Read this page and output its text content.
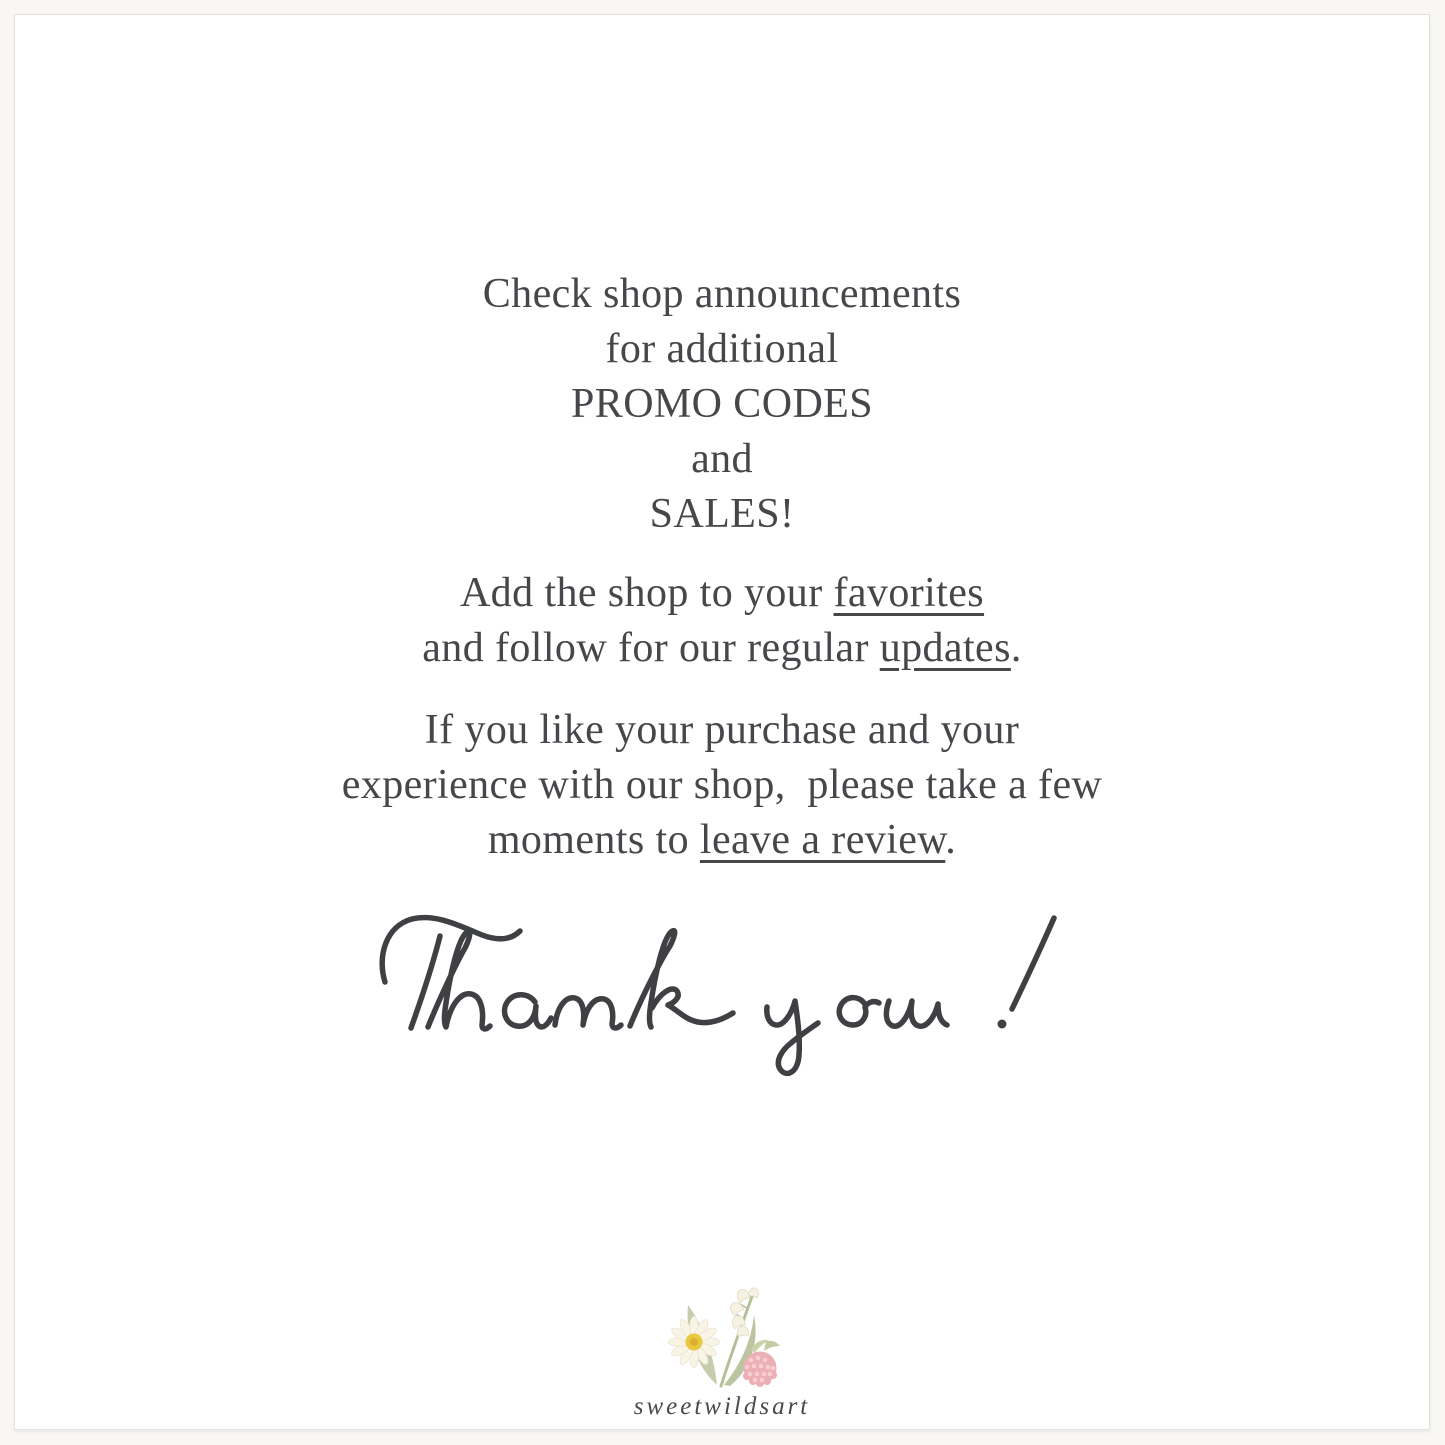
Check shop announcements
for additional
PROMO CODES
and
SALES!
Add the shop to your favorites
and follow for our regular updates.
If you like your purchase and your
experience with our shop,  please take a few
moments to leave a review.
sweetwildsart
